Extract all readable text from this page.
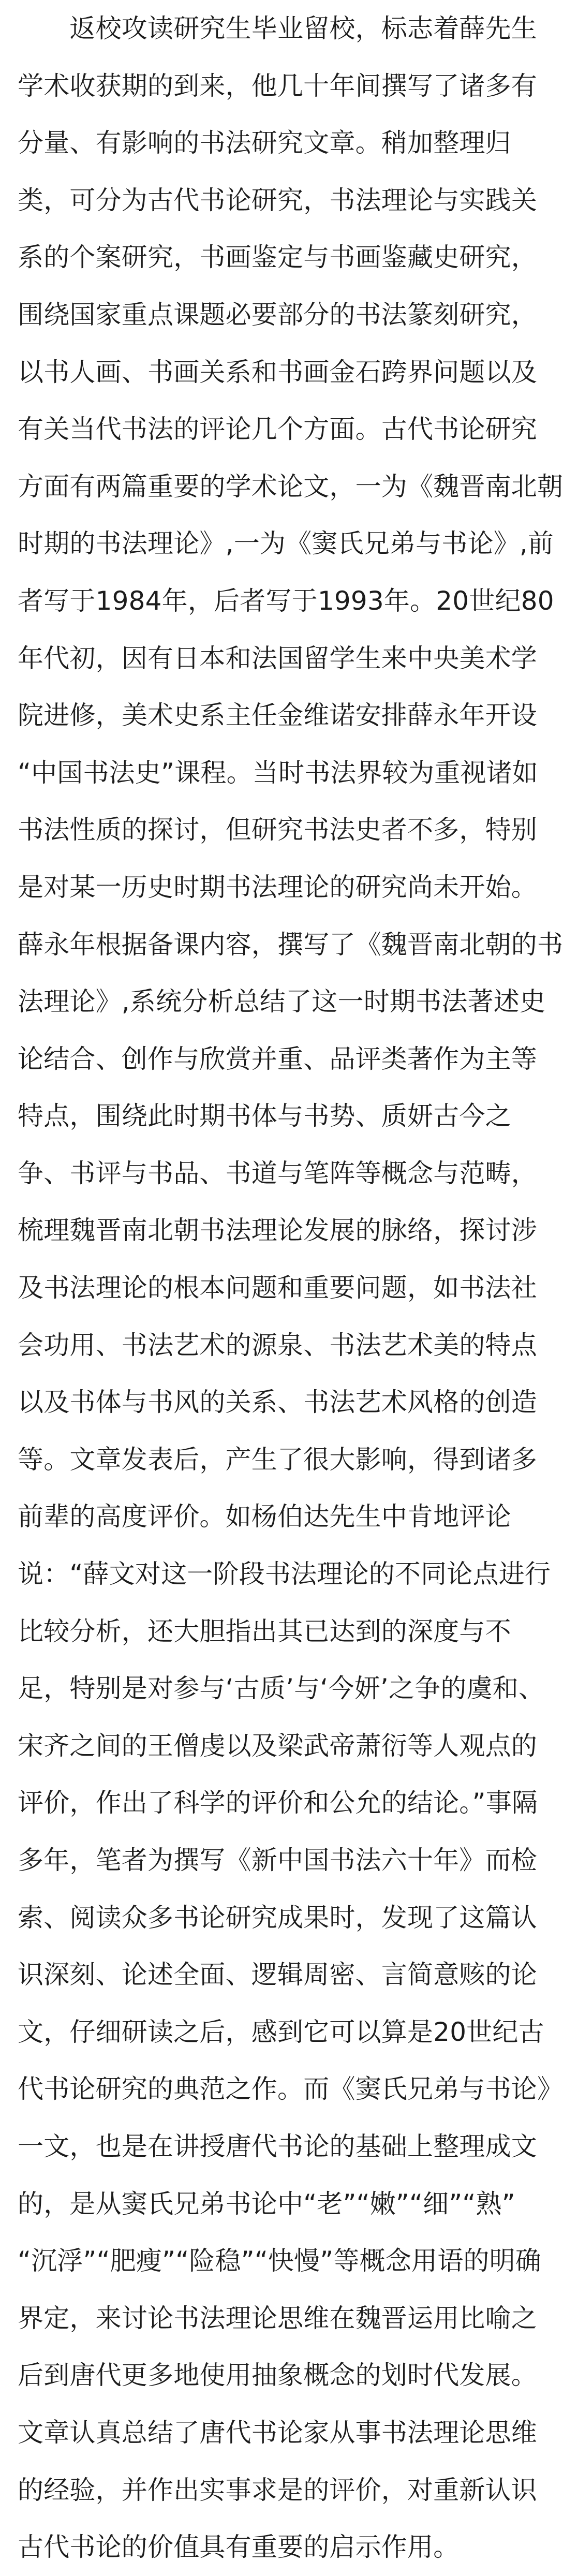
　　返校攻读研究生毕业留校，标志着薛先生
学术收获期的到来，他几十年间撰写了诸多有
分量、有影响的书法研究文章。稍加整理归
类，可分为古代书论研究，书法理论与实践关
系的个案研究，书画鉴定与书画鉴藏史研究，
围绕国家重点课题必要部分的书法篆刻研究，
以书人画、书画关系和书画金石跨界问题以及
有关当代书法的评论几个方面。古代书论研究
方面有两篇重要的学术论文，一为《魏晋南北朝
时期的书法理论》,一为《窦氏兄弟与书论》,前
者写于1984年，后者写于1993年。20世纪80
年代初，因有日本和法国留学生来中央美术学
院进修，美术史系主任金维诺安排薛永年开设
“中国书法史”课程。当时书法界较为重视诸如
书法性质的探讨，但研究书法史者不多，特别
是对某一历史时期书法理论的研究尚未开始。
薛永年根据备课内容，撰写了《魏晋南北朝的书
法理论》,系统分析总结了这一时期书法著述史
论结合、创作与欣赏并重、品评类著作为主等
特点，围绕此时期书体与书势、质妍古今之
争、书评与书品、书道与笔阵等概念与范畴，
梳理魏晋南北朝书法理论发展的脉络，探讨涉
及书法理论的根本问题和重要问题，如书法社
会功用、书法艺术的源泉、书法艺术美的特点
以及书体与书风的关系、书法艺术风格的创造
等。文章发表后，产生了很大影响，得到诸多
前辈的高度评价。如杨伯达先生中肯地评论
说：“薛文对这一阶段书法理论的不同论点进行
比较分析，还大胆指出其已达到的深度与不
足，特别是对参与‘古质’与‘今妍’之争的虞和、
宋齐之间的王僧虔以及梁武帝萧衍等人观点的
评价，作出了科学的评价和公允的结论。”事隔
多年，笔者为撰写《新中国书法六十年》而检
索、阅读众多书论研究成果时，发现了这篇认
识深刻、论述全面、逻辑周密、言简意赅的论
文，仔细研读之后，感到它可以算是20世纪古
代书论研究的典范之作。而《窦氏兄弟与书论》
一文，也是在讲授唐代书论的基础上整理成文
的，是从窦氏兄弟书论中“老”“嫩”“细”“熟”
“沉浮”“肥瘦”“险稳”“快慢”等概念用语的明确
界定，来讨论书法理论思维在魏晋运用比喻之
后到唐代更多地使用抽象概念的划时代发展。
文章认真总结了唐代书论家从事书法理论思维
的经验，并作出实事求是的评价，对重新认识
古代书论的价值具有重要的启示作用。
